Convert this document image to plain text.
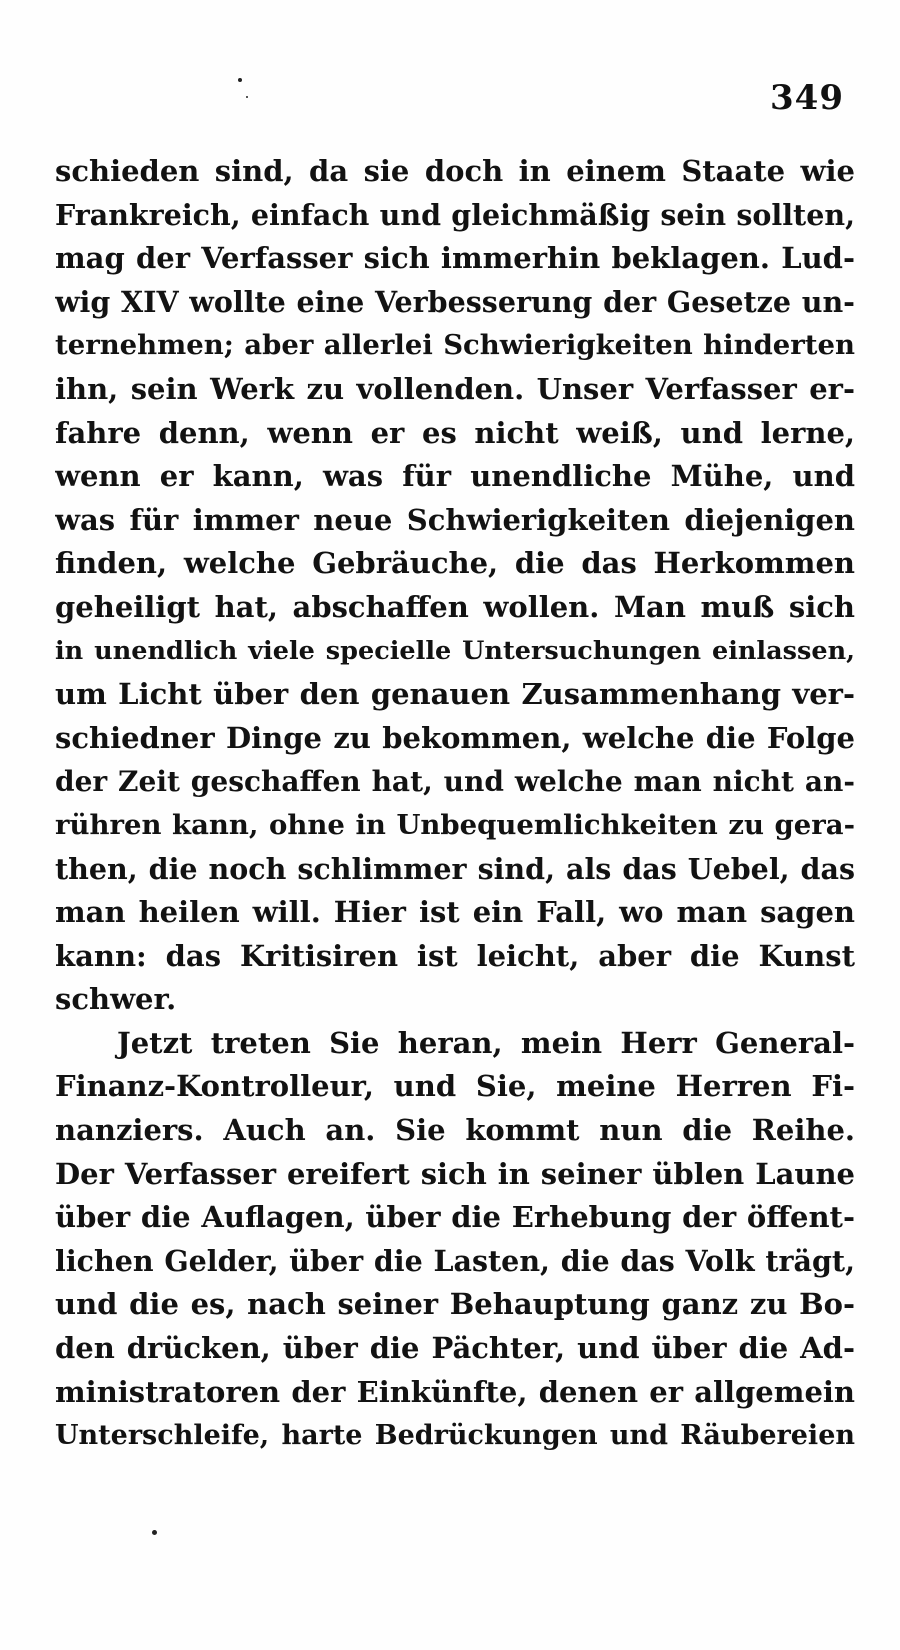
349
schieden sind, da sie doch in einem Staate wie
Frankreich, einfach und gleichmäßig sein sollten,
mag der Verfasser sich immerhin beklagen. Lud-
wig XIV wollte eine Verbesserung der Gesetze un-
ternehmen; aber allerlei Schwierigkeiten hinderten
ihn, sein Werk zu vollenden. Unser Verfasser er-
fahre denn, wenn er es nicht weiß, und lerne,
wenn er kann, was für unendliche Mühe, und
was für immer neue Schwierigkeiten diejenigen
finden, welche Gebräuche, die das Herkommen
geheiligt hat, abschaffen wollen. Man muß sich
in unendlich viele specielle Untersuchungen einlassen,
um Licht über den genauen Zusammenhang ver-
schiedner Dinge zu bekommen, welche die Folge
der Zeit geschaffen hat, und welche man nicht an-
rühren kann, ohne in Unbequemlichkeiten zu gera-
then, die noch schlimmer sind, als das Uebel, das
man heilen will. Hier ist ein Fall, wo man sagen
kann: das Kritisiren ist leicht, aber die Kunst
schwer.
Jetzt treten Sie heran, mein Herr General-
Finanz-Kontrolleur, und Sie, meine Herren Fi-
nanziers. Auch an. Sie kommt nun die Reihe.
Der Verfasser ereifert sich in seiner üblen Laune
über die Auflagen, über die Erhebung der öffent-
lichen Gelder, über die Lasten, die das Volk trägt,
und die es, nach seiner Behauptung ganz zu Bo-
den drücken, über die Pächter, und über die Ad-
ministratoren der Einkünfte, denen er allgemein
Unterschleife, harte Bedrückungen und Räubereien
